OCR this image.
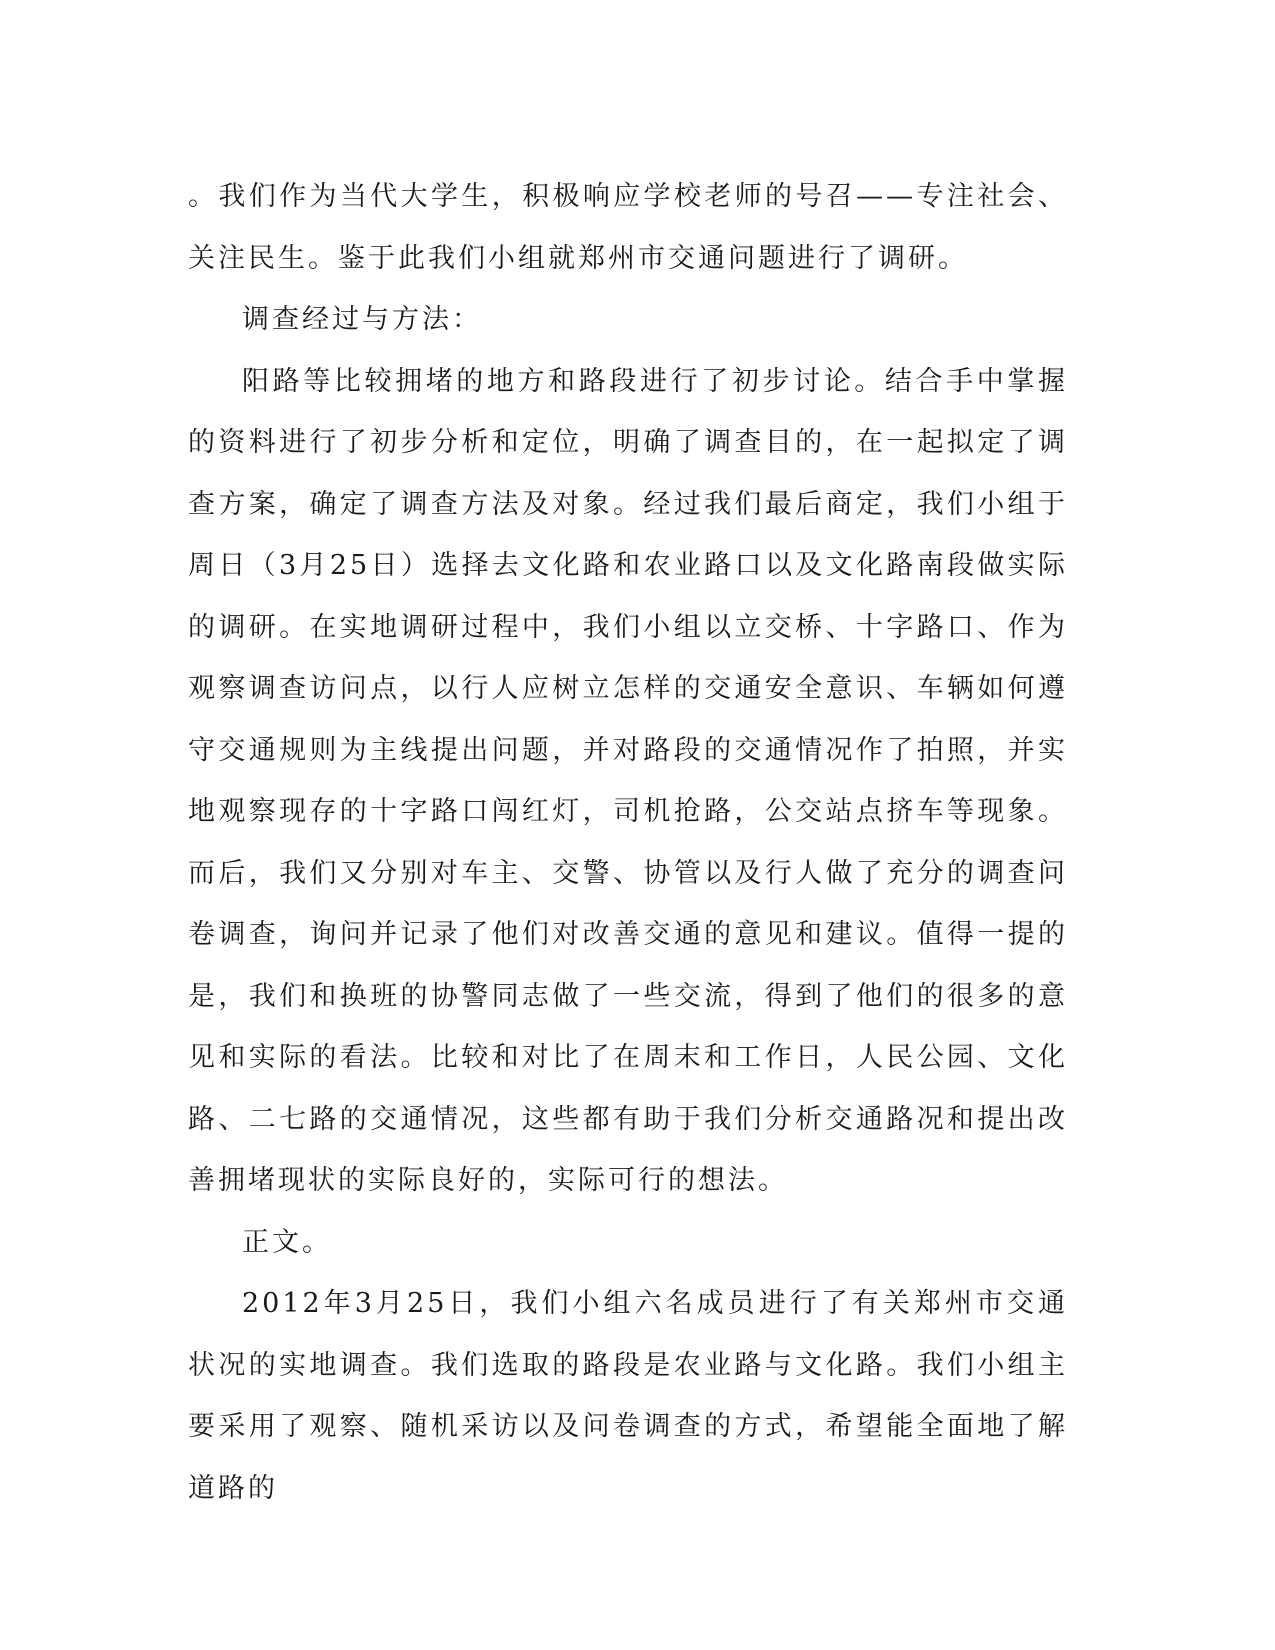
。我们作为当代大学生，积极响应学校老师的号召——专注社会、关注民生。鉴于此我们小组就郑州市交通问题进行了调研。

调查经过与方法：

阳路等比较拥堵的地方和路段进行了初步讨论。结合手中掌握的资料进行了初步分析和定位，明确了调查目的，在一起拟定了调查方案，确定了调查方法及对象。经过我们最后商定，我们小组于周日（3月25日）选择去文化路和农业路口以及文化路南段做实际的调研。在实地调研过程中，我们小组以立交桥、十字路口、作为观察调查访问点，以行人应树立怎样的交通安全意识、车辆如何遵守交通规则为主线提出问题，并对路段的交通情况作了拍照，并实地观察现存的十字路口闯红灯，司机抢路，公交站点挤车等现象。而后，我们又分别对车主、交警、协管以及行人做了充分的调查问卷调查，询问并记录了他们对改善交通的意见和建议。值得一提的是，我们和换班的协警同志做了一些交流，得到了他们的很多的意见和实际的看法。比较和对比了在周末和工作日，人民公园、文化路、二七路的交通情况，这些都有助于我们分析交通路况和提出改善拥堵现状的实际良好的，实际可行的想法。

正文。

2012年3月25日，我们小组六名成员进行了有关郑州市交通状况的实地调查。我们选取的路段是农业路与文化路。我们小组主要采用了观察、随机采访以及问卷调查的方式，希望能全面地了解道路的
